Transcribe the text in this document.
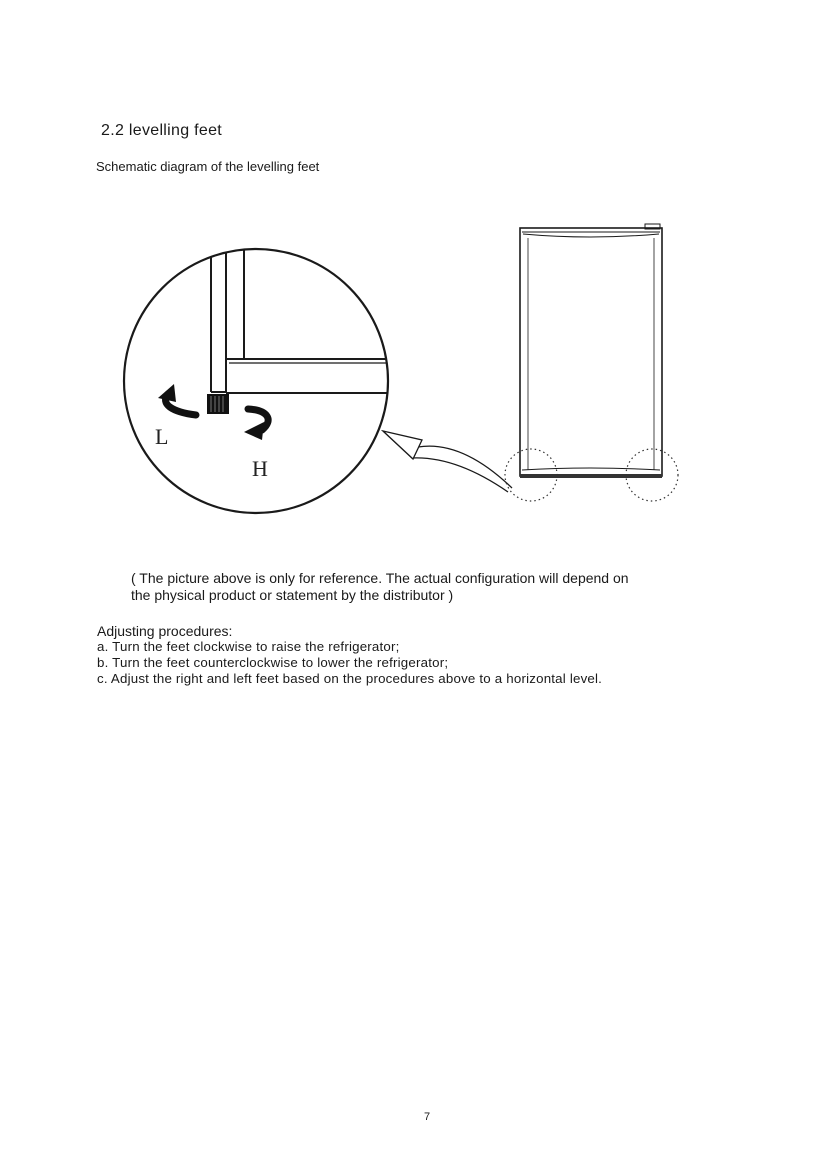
2.2 levelling feet
Schematic diagram of the levelling feet
L
H
( The picture above is only for reference. The actual configuration will depend on
the physical product or statement by the distributor )
Adjusting procedures:
a. Turn the feet clockwise to raise the refrigerator;
b. Turn the feet counterclockwise to lower the refrigerator;
c. Adjust the right and left feet based on the procedures above to a horizontal level.
7
